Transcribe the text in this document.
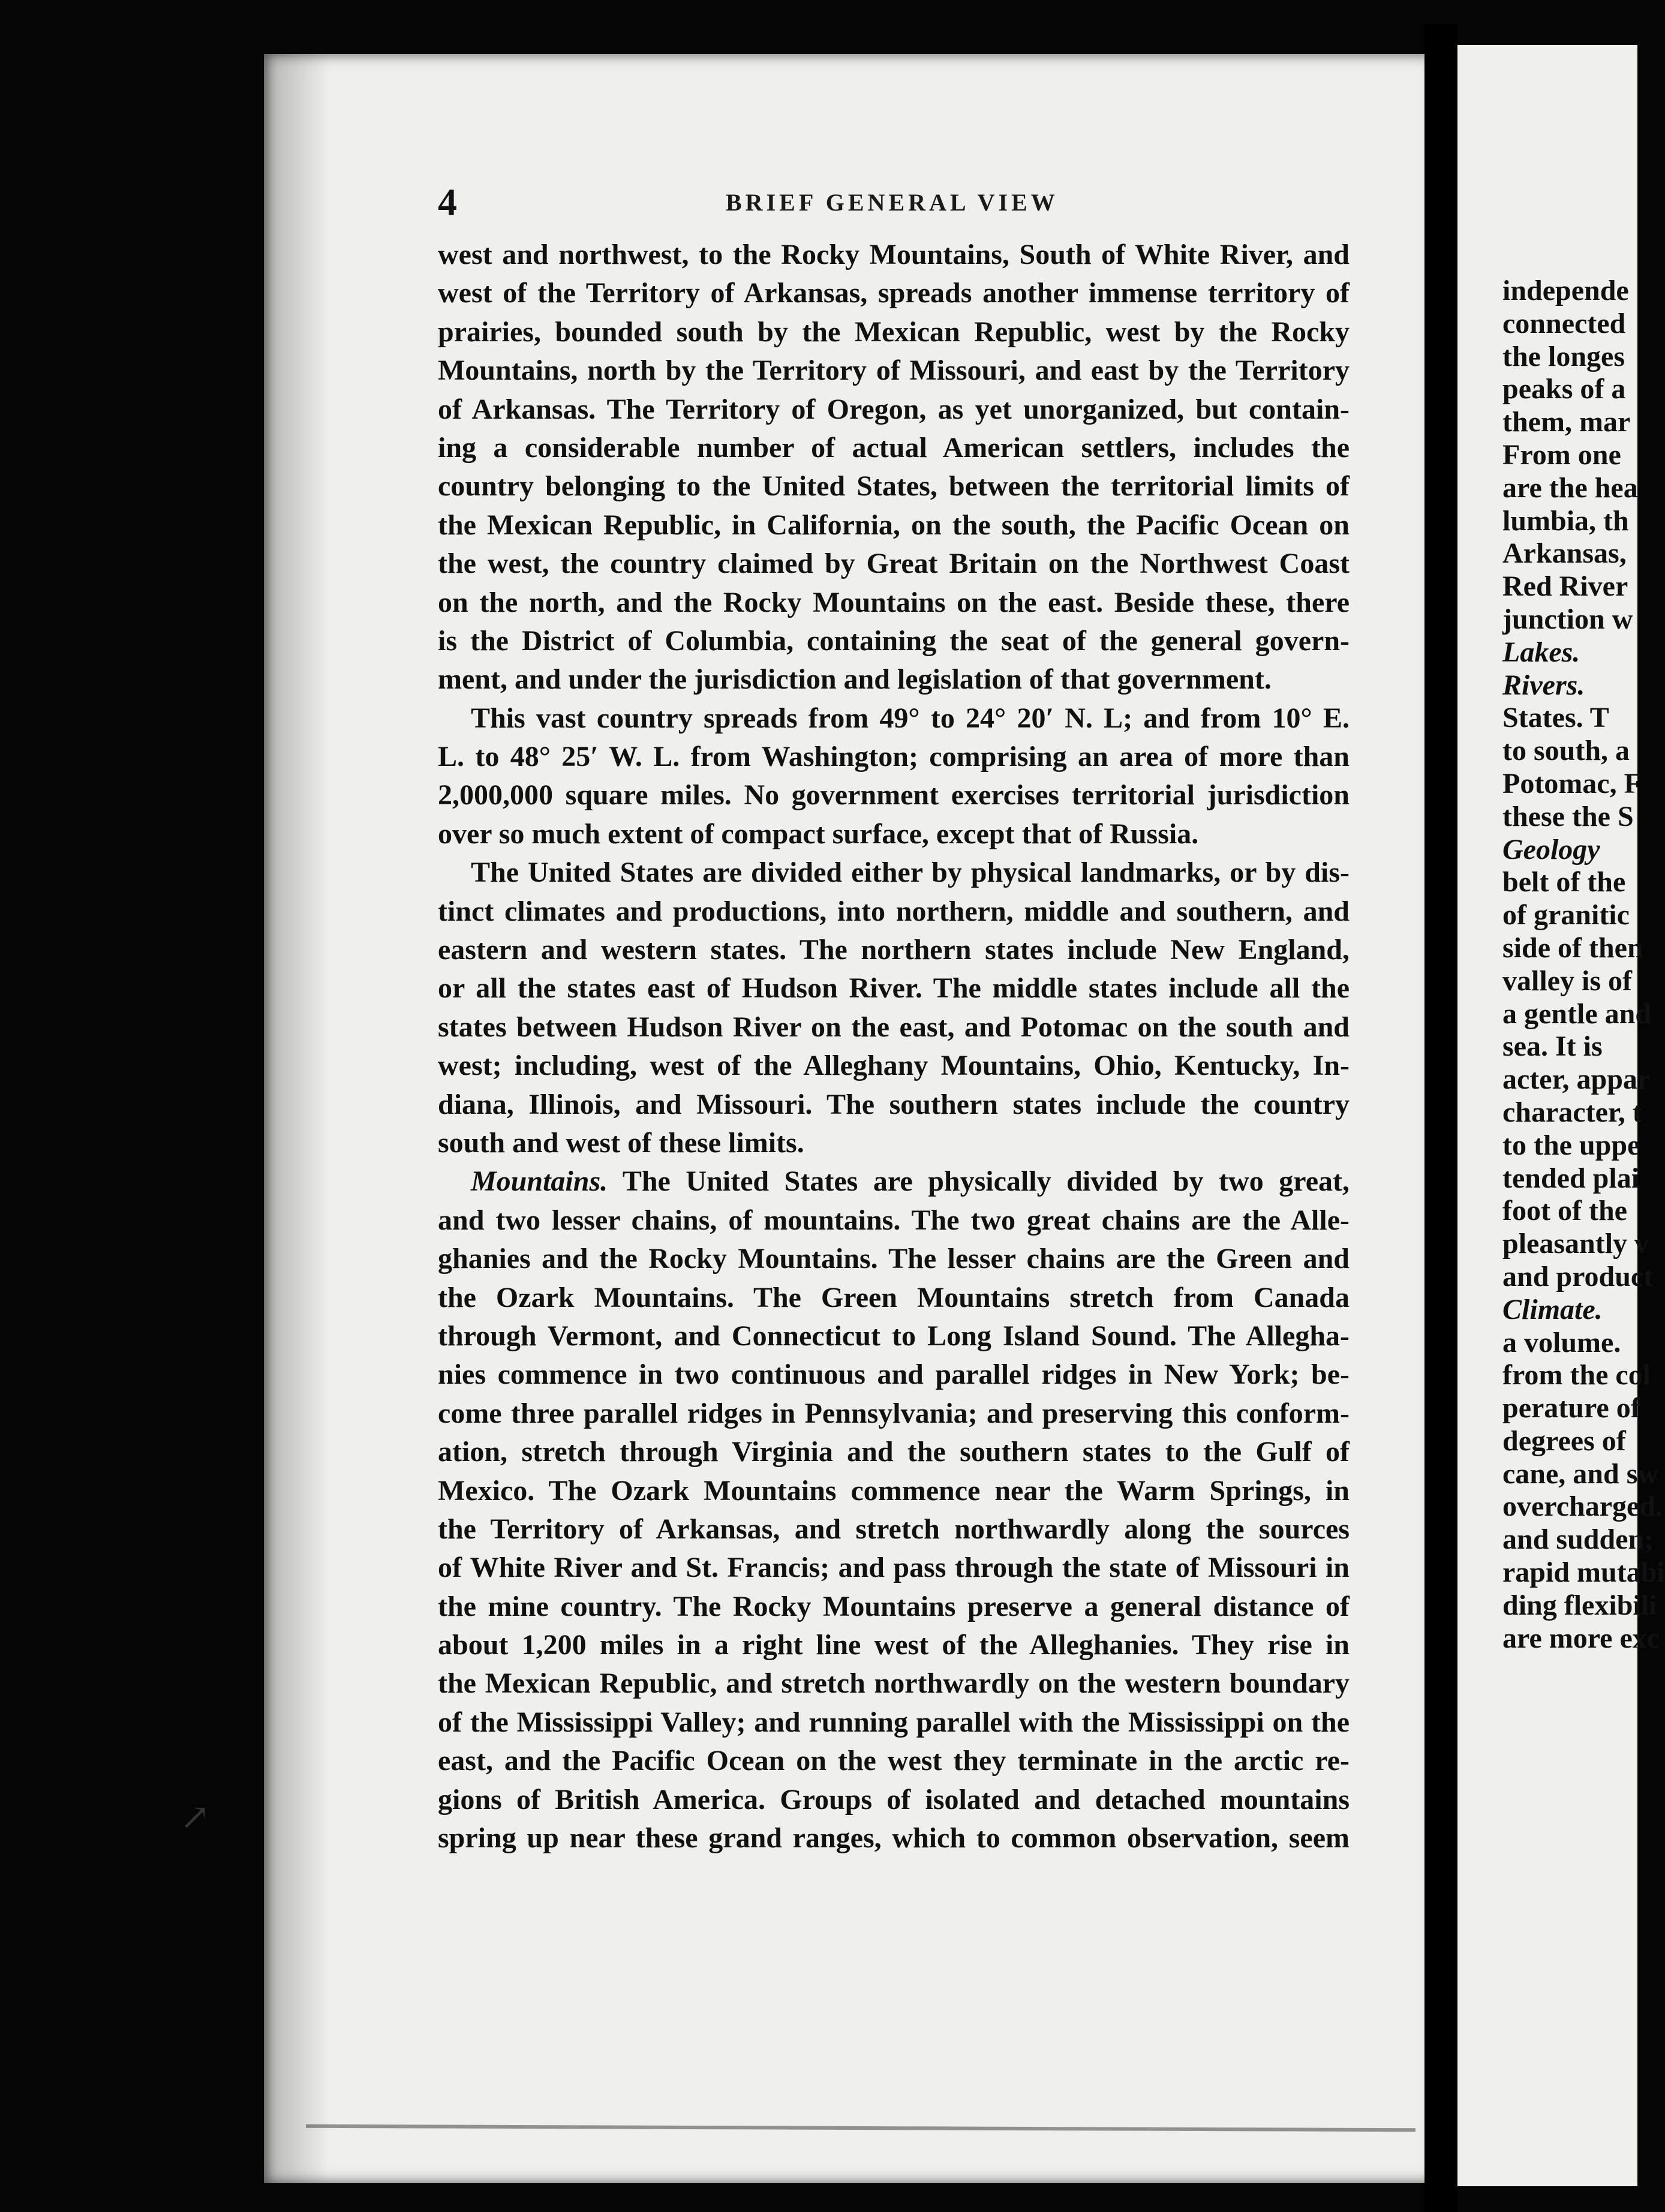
↗
4	BRIEF GENERAL VIEW
west and northwest, to the Rocky Mountains, South of White River, and
west of the Territory of Arkansas, spreads another immense territory of
prairies, bounded south by the Mexican Republic, west by the Rocky
Mountains, north by the Territory of Missouri, and east by the Territory
of Arkansas. The Territory of Oregon, as yet unorganized, but contain-
ing a considerable number of actual American settlers, includes the
country belonging to the United States, between the territorial limits of
the Mexican Republic, in California, on the south, the Pacific Ocean on
the west, the country claimed by Great Britain on the Northwest Coast
on the north, and the Rocky Mountains on the east. Beside these, there
is the District of Columbia, containing the seat of the general govern-
ment, and under the jurisdiction and legislation of that government.
This vast country spreads from 49° to 24° 20′ N. L; and from 10° E.
L. to 48° 25′ W. L. from Washington; comprising an area of more than
2,000,000 square miles. No government exercises territorial jurisdiction
over so much extent of compact surface, except that of Russia.
The United States are divided either by physical landmarks, or by dis-
tinct climates and productions, into northern, middle and southern, and
eastern and western states. The northern states include New England,
or all the states east of Hudson River. The middle states include all the
states between Hudson River on the east, and Potomac on the south and
west; including, west of the Alleghany Mountains, Ohio, Kentucky, In-
diana, Illinois, and Missouri. The southern states include the country
south and west of these limits.
Mountains. The United States are physically divided by two great,
and two lesser chains, of mountains. The two great chains are the Alle-
ghanies and the Rocky Mountains. The lesser chains are the Green and
the Ozark Mountains. The Green Mountains stretch from Canada
through Vermont, and Connecticut to Long Island Sound. The Allegha-
nies commence in two continuous and parallel ridges in New York; be-
come three parallel ridges in Pennsylvania; and preserving this conform-
ation, stretch through Virginia and the southern states to the Gulf of
Mexico. The Ozark Mountains commence near the Warm Springs, in
the Territory of Arkansas, and stretch northwardly along the sources
of White River and St. Francis; and pass through the state of Missouri in
the mine country. The Rocky Mountains preserve a general distance of
about 1,200 miles in a right line west of the Alleghanies. They rise in
the Mexican Republic, and stretch northwardly on the western boundary
of the Mississippi Valley; and running parallel with the Mississippi on the
east, and the Pacific Ocean on the west they terminate in the arctic re-
gions of British America. Groups of isolated and detached mountains
spring up near these grand ranges, which to common observation, seem
independe
connected
the longes
peaks of a
them, mar
From one
are the hea
lumbia, th
Arkansas,
Red River
junction w
Lakes.
Rivers.
States. T
to south, a
Potomac, F
these the S
Geology
belt of the
of granitic
side of then
valley is of
a gentle and
sea. It is
acter, appar
character, t
to the uppe
tended plai
foot of the
pleasantly v
and product
Climate.
a volume.
from the col
perature of
degrees of
cane, and sw
overcharged.
and sudden;
rapid mutabi
ding flexibili
are more exc
